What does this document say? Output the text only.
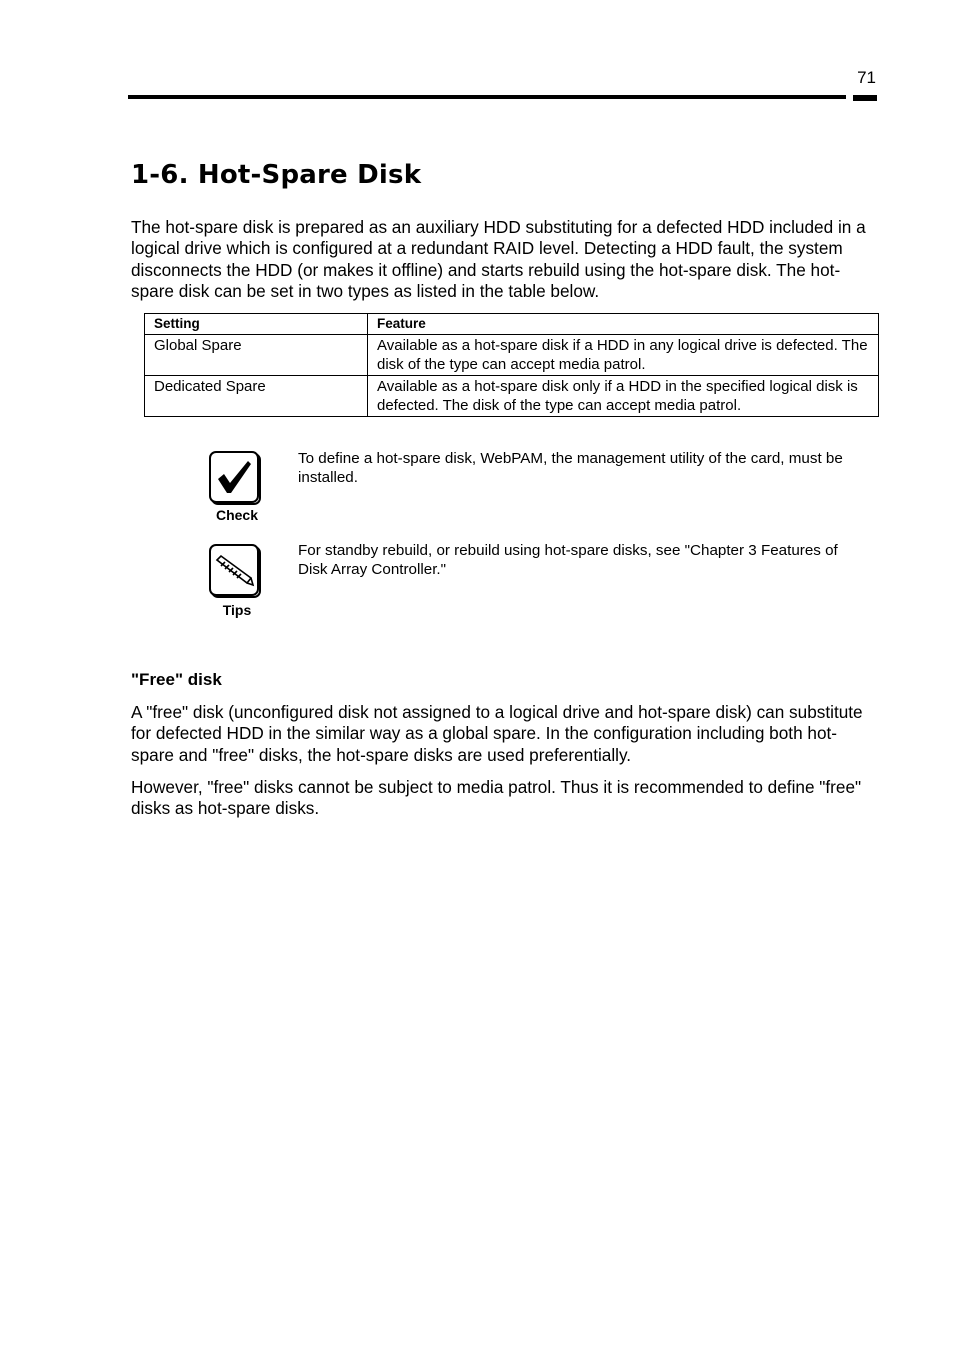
71
1-6. Hot-Spare Disk

The hot-spare disk is prepared as an auxiliary HDD substituting for a defected HDD included in a logical drive which is configured at a redundant RAID level. Detecting a HDD fault, the system disconnects the HDD (or makes it offline) and starts rebuild using the hot-spare disk. The hot-spare disk can be set in two types as listed in the table below.

Setting	Feature
Global Spare	Available as a hot-spare disk if a HDD in any logical drive is defected. The disk of the type can accept media patrol.
Dedicated Spare	Available as a hot-spare disk only if a HDD in the specified logical disk is defected. The disk of the type can accept media patrol.
Check

To define a hot-spare disk, WebPAM, the management utility of the card, must be installed.

Tips

For standby rebuild, or rebuild using hot-spare disks, see "Chapter 3 Features of Disk Array Controller."

"Free" disk

A "free" disk (unconfigured disk not assigned to a logical drive and hot-spare disk) can substitute for defected HDD in the similar way as a global spare. In the configuration including both hot-spare and "free" disks, the hot-spare disks are used preferentially.

However, "free" disks cannot be subject to media patrol. Thus it is recommended to define "free" disks as hot-spare disks.
